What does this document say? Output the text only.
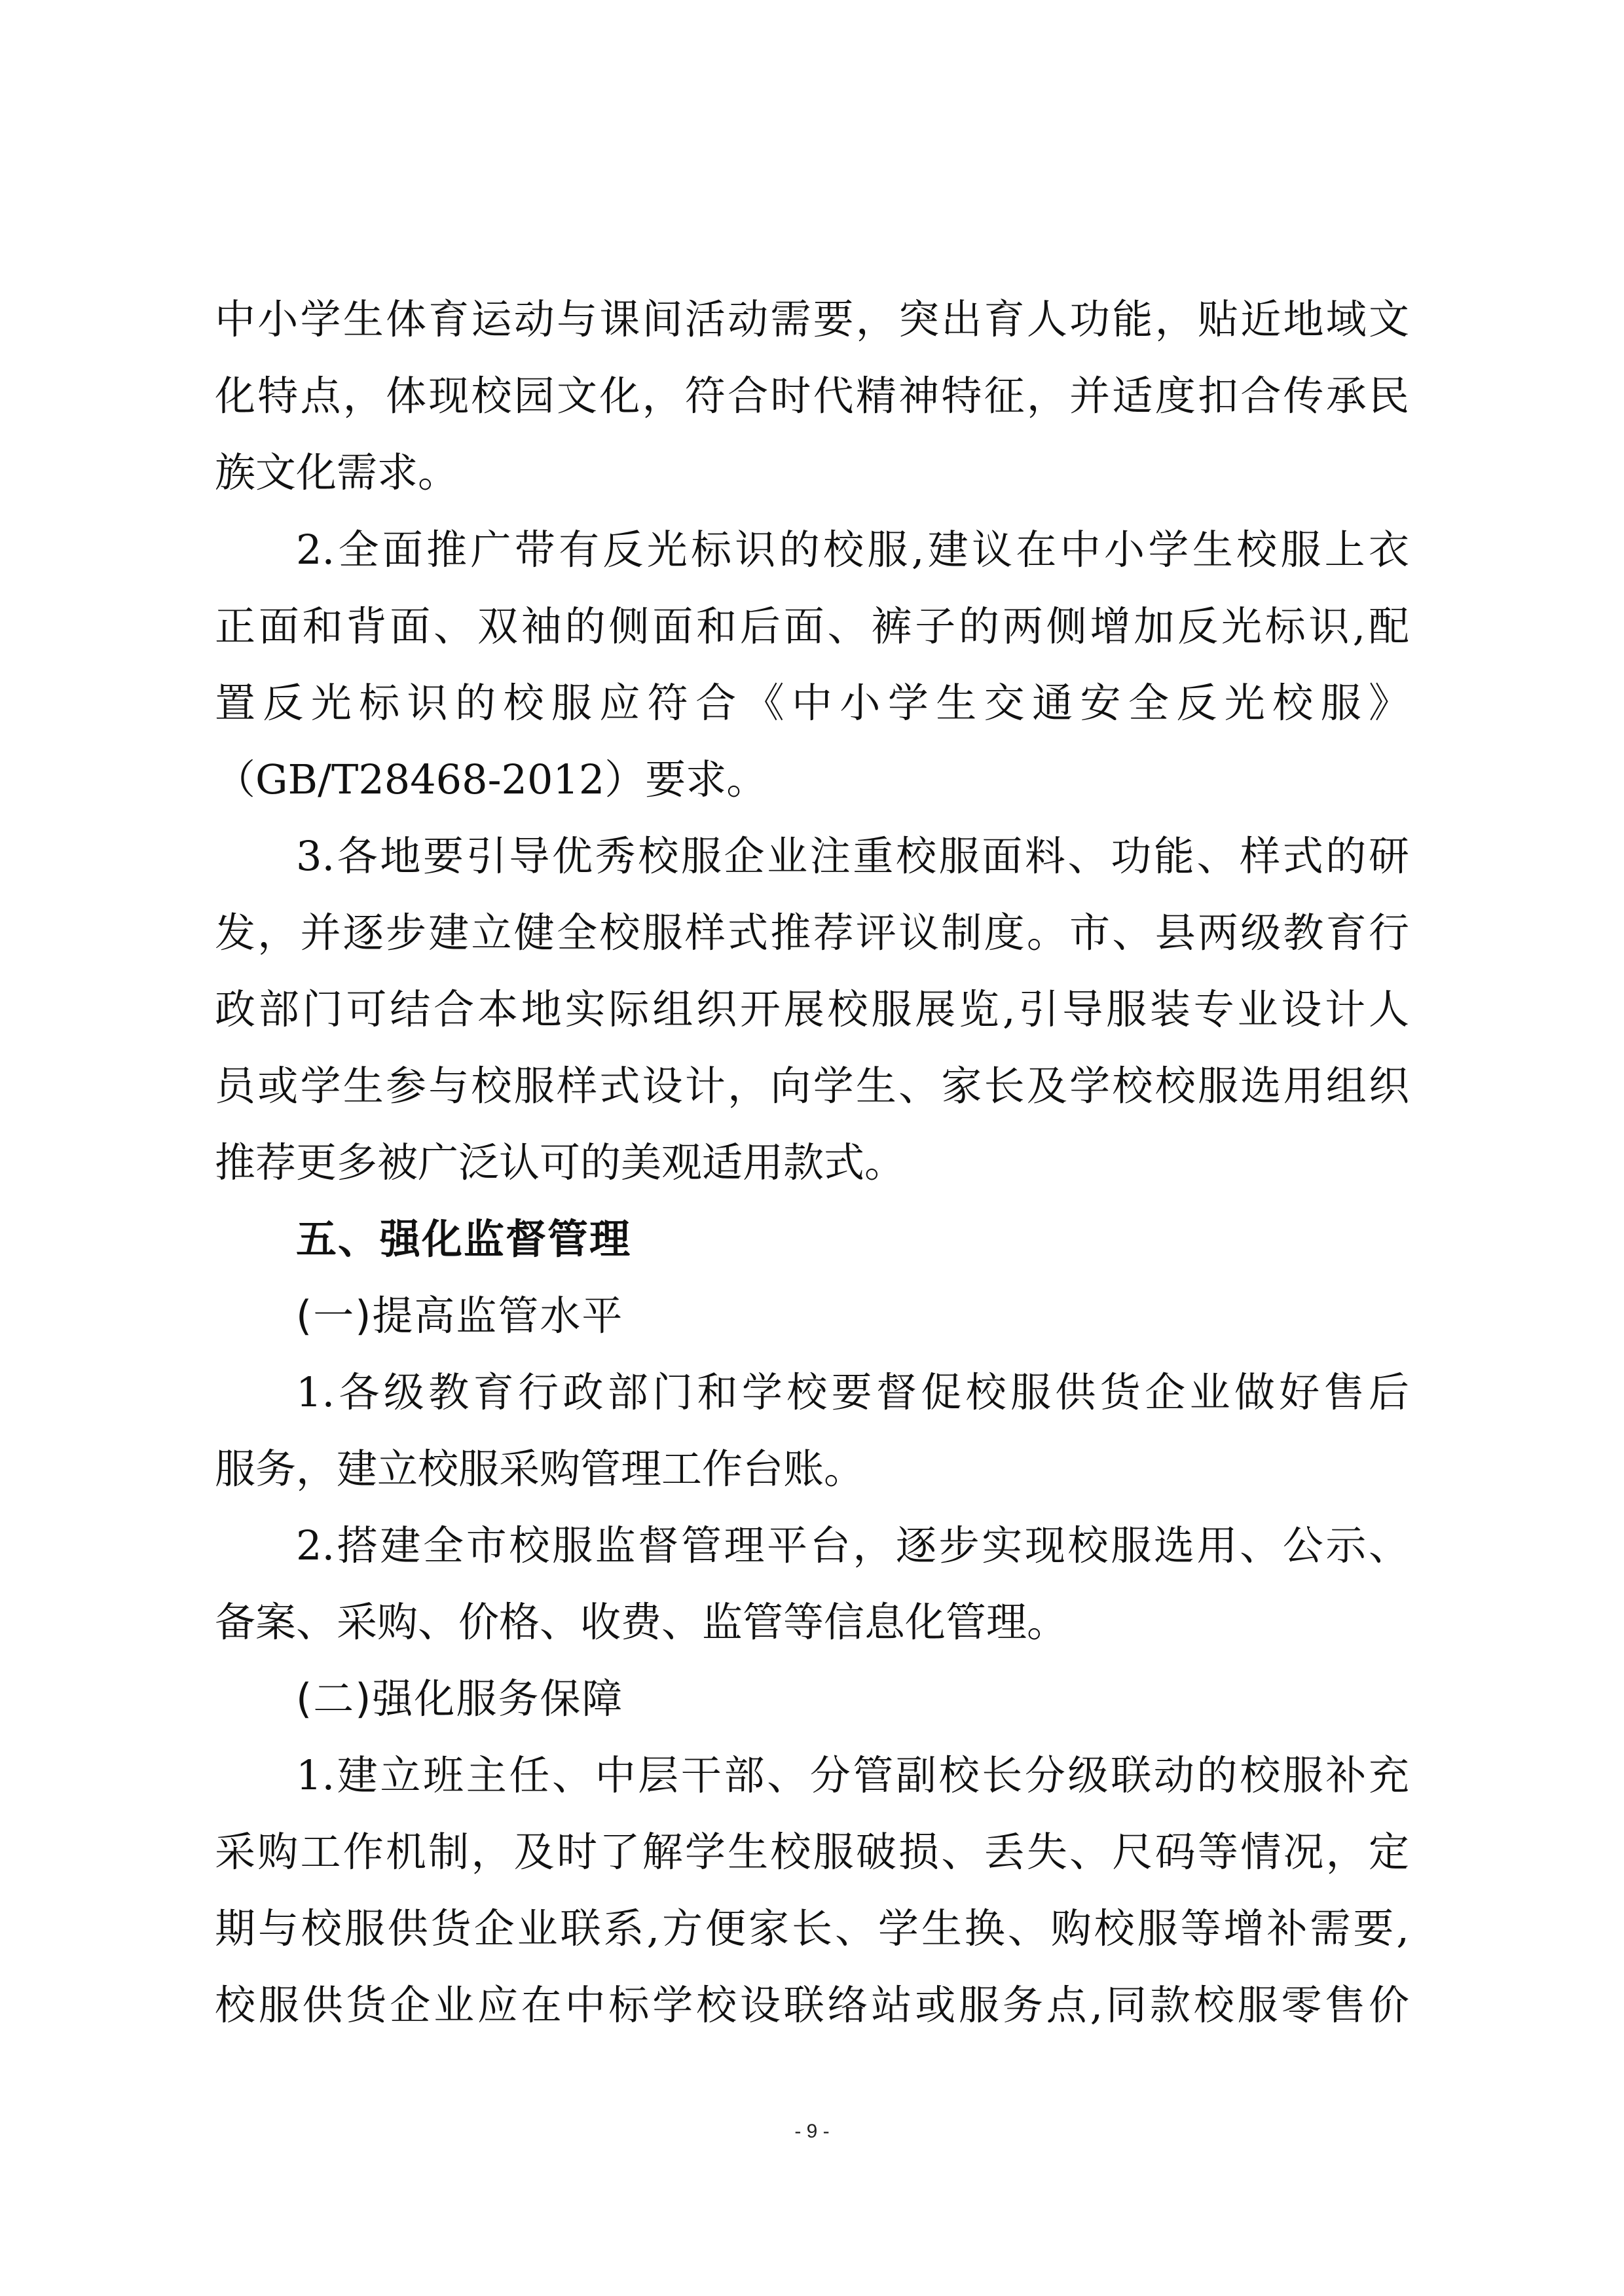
中小学生体育运动与课间活动需要，突出育人功能，贴近地域文
化特点，体现校园文化，符合时代精神特征，并适度扣合传承民
族文化需求。
2.全面推广带有反光标识的校服,建议在中小学生校服上衣
正面和背面、双袖的侧面和后面、裤子的两侧增加反光标识,配
置反光标识的校服应符合《中小学生交通安全反光校服》
（GB/T28468-2012）要求。
3.各地要引导优秀校服企业注重校服面料、功能、样式的研
发，并逐步建立健全校服样式推荐评议制度。市、县两级教育行
政部门可结合本地实际组织开展校服展览,引导服装专业设计人
员或学生参与校服样式设计，向学生、家长及学校校服选用组织
推荐更多被广泛认可的美观适用款式。
五、强化监督管理
(一)提高监管水平
1.各级教育行政部门和学校要督促校服供货企业做好售后
服务，建立校服采购管理工作台账。
2.搭建全市校服监督管理平台，逐步实现校服选用、公示、
备案、采购、价格、收费、监管等信息化管理。
(二)强化服务保障
1.建立班主任、中层干部、分管副校长分级联动的校服补充
采购工作机制，及时了解学生校服破损、丢失、尺码等情况，定
期与校服供货企业联系,方便家长、学生换、购校服等增补需要,
校服供货企业应在中标学校设联络站或服务点,同款校服零售价
- 9 -
